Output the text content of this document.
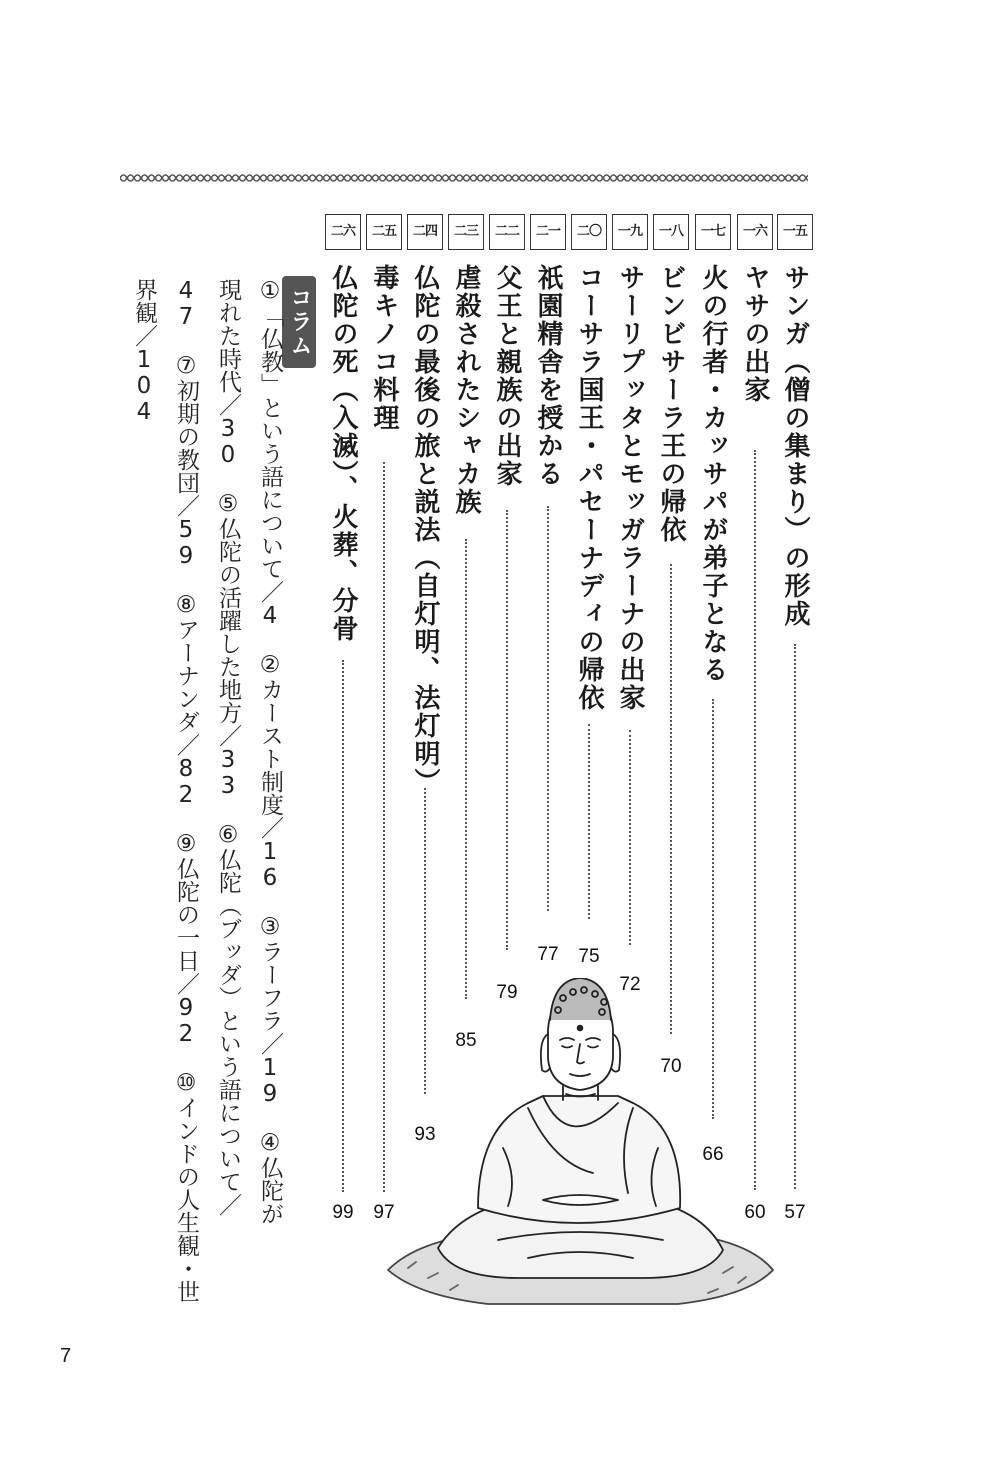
一五
サンガ（僧の集まり）の形成
57
一六
ヤサの出家
60
一七
火の行者・カッサパが弟子となる
66
一八
ビンビサーラ王の帰依
70
一九
サーリプッタとモッガラーナの出家
72
二〇
コーサラ国王・パセーナディの帰依
75
二一
祇園精舎を授かる
77
二二
父王と親族の出家
79
二三
虐殺されたシャカ族
85
二四
仏陀の最後の旅と説法（自灯明、法灯明）
93
二五
毒キノコ料理
97
二六
仏陀の死（入滅）、火葬、分骨
99
コラム
①「仏教」という語について／4　②カースト制度／16　③ラーフラ／19　④仏陀が
現れた時代／30　⑤仏陀の活躍した地方／33　⑥仏陀（ブッダ）という語について／
47　⑦初期の教団／59　⑧アーナンダ／82　⑨仏陀の一日／92　⑩インドの人生観・世
界観／104
7
